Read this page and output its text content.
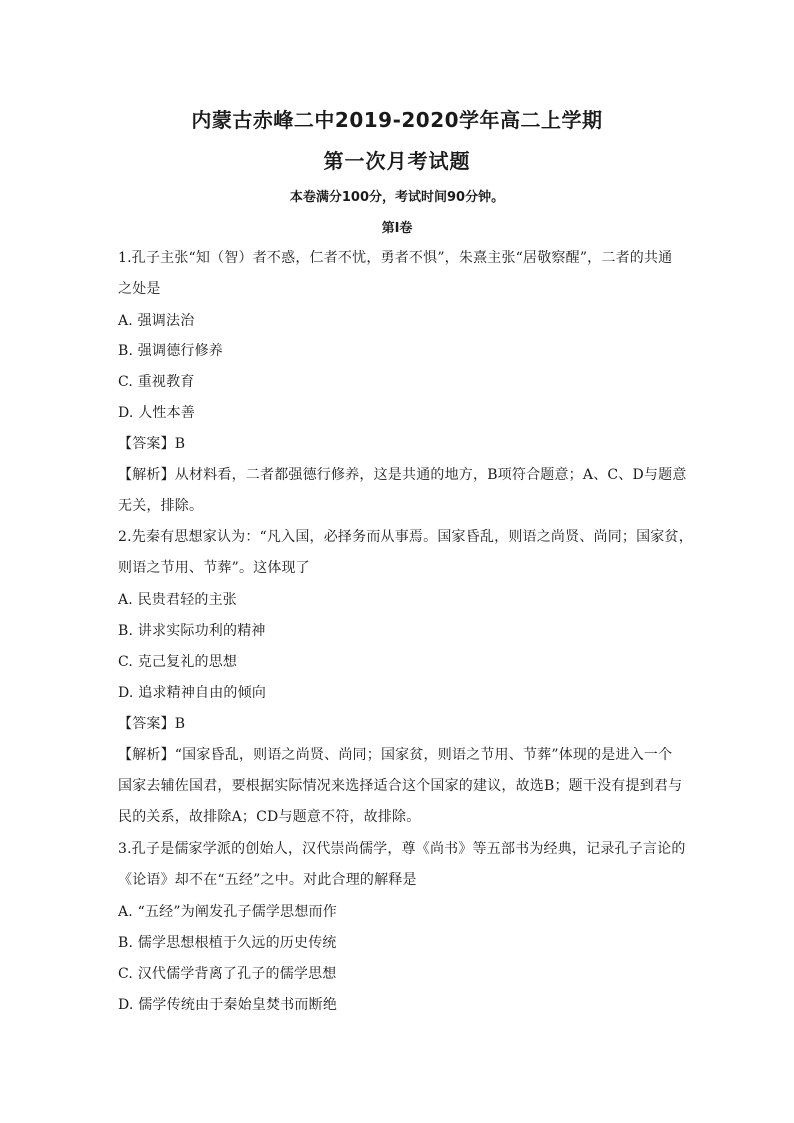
内蒙古赤峰二中2019-2020学年高二上学期
第一次月考试题
本卷满分100分，考试时间90分钟。
第Ⅰ卷
1.孔子主张“知（智）者不惑，仁者不忧，勇者不惧”，朱熹主张“居敬察醒”，二者的共通
之处是
A. 强调法治
B. 强调德行修养
C. 重视教育
D. 人性本善
【答案】B
【解析】从材料看，二者都强德行修养，这是共通的地方，B项符合题意；A、C、D与题意
无关，排除。
2.先秦有思想家认为：“凡入国，必择务而从事焉。国家昏乱，则语之尚贤、尚同；国家贫，
则语之节用、节葬”。这体现了
A. 民贵君轻的主张
B. 讲求实际功利的精神
C. 克己复礼的思想
D. 追求精神自由的倾向
【答案】B
【解析】“国家昏乱，则语之尚贤、尚同；国家贫，则语之节用、节葬”体现的是进入一个
国家去辅佐国君，要根据实际情况来选择适合这个国家的建议，故选B；题干没有提到君与
民的关系，故排除A；CD与题意不符，故排除。
3.孔子是儒家学派的创始人，汉代崇尚儒学，尊《尚书》等五部书为经典，记录孔子言论的
《论语》却不在“五经”之中。对此合理的解释是
A. “五经”为阐发孔子儒学思想而作
B. 儒学思想根植于久远的历史传统
C. 汉代儒学背离了孔子的儒学思想
D. 儒学传统由于秦始皇焚书而断绝
